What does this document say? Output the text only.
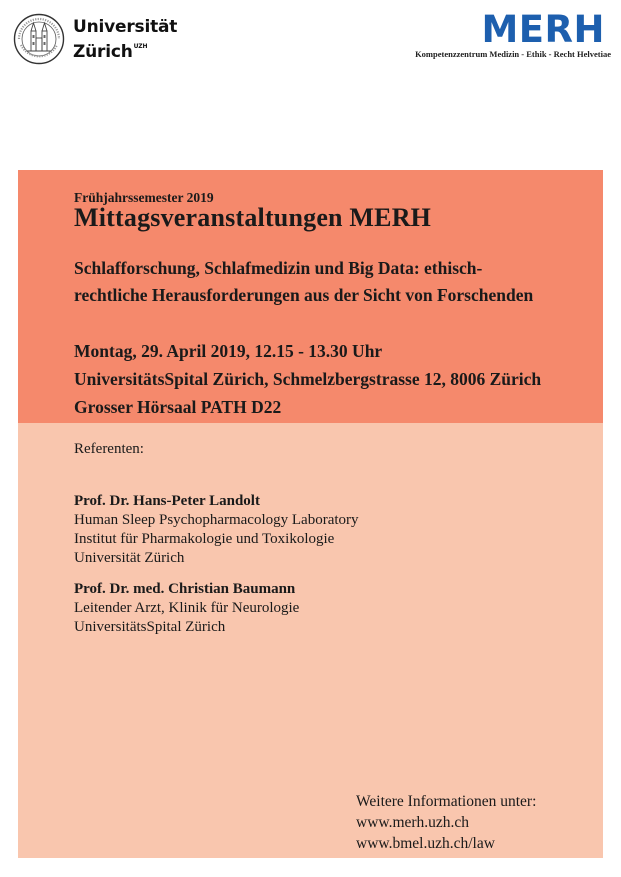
Universität
Zürich$^{UZH}$	MERH
Kompetenzzentrum Medizin - Ethik - Recht Helvetiae
Frühjahrssemester 2019
Mittagsveranstaltungen MERH
Schlafforschung, Schlafmedizin und Big Data: ethisch-
rechtliche Herausforderungen aus der Sicht von Forschenden
Montag, 29. April 2019, 12.15 - 13.30 Uhr
UniversitätsSpital Zürich, Schmelzbergstrasse 12, 8006 Zürich
Grosser Hörsaal PATH D22
Referenten:
Prof. Dr. Hans-Peter Landolt
Human Sleep Psychopharmacology Laboratory
Institut für Pharmakologie und Toxikologie
Universität Zürich
Prof. Dr. med. Christian Baumann
Leitender Arzt, Klinik für Neurologie
UniversitätsSpital Zürich
Weitere Informationen unter:
www.merh.uzh.ch
www.bmel.uzh.ch/law
